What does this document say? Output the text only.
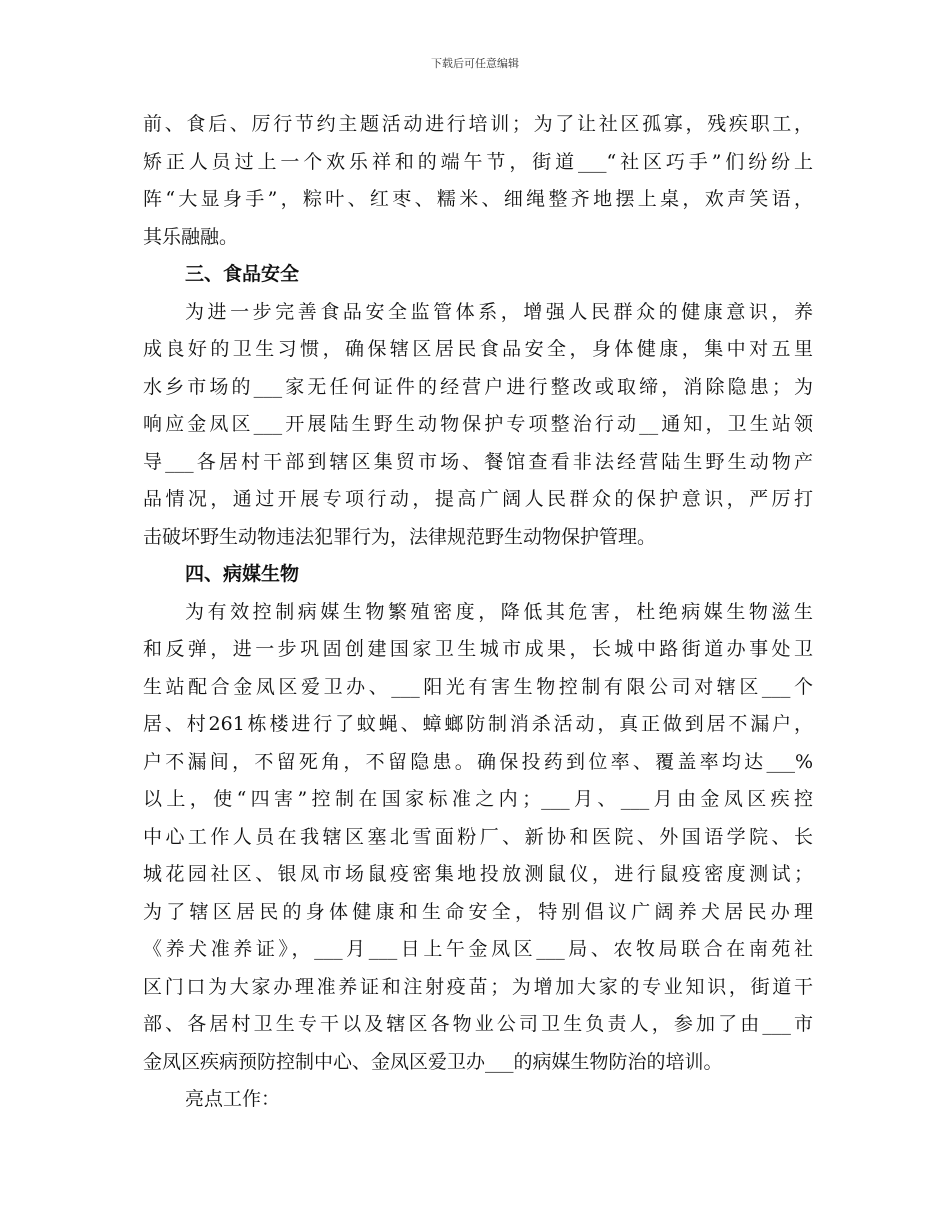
下载后可任意编辑
前、食后、厉行节约主题活动进行培训；为了让社区孤寡，残疾职工，
矫正人员过上一个欢乐祥和的端午节，街道___“社区巧手”们纷纷上
阵“大显身手”，粽叶、红枣、糯米、细绳整齐地摆上桌，欢声笑语，
其乐融融。
三、食品安全
为进一步完善食品安全监管体系，增强人民群众的健康意识，养
成良好的卫生习惯，确保辖区居民食品安全，身体健康，集中对五里
水乡市场的___家无任何证件的经营户进行整改或取缔，消除隐患；为
响应金凤区___开展陆生野生动物保护专项整治行动__通知，卫生站领
导___各居村干部到辖区集贸市场、餐馆查看非法经营陆生野生动物产
品情况，通过开展专项行动，提高广阔人民群众的保护意识，严厉打
击破坏野生动物违法犯罪行为，法律规范野生动物保护管理。
四、病媒生物
为有效控制病媒生物繁殖密度，降低其危害，杜绝病媒生物滋生
和反弹，进一步巩固创建国家卫生城市成果，长城中路街道办事处卫
生站配合金凤区爱卫办、___阳光有害生物控制有限公司对辖区___个
居、村261栋楼进行了蚊蝇、蟑螂防制消杀活动，真正做到居不漏户，
户不漏间，不留死角，不留隐患。确保投药到位率、覆盖率均达___%
以上，使“四害”控制在国家标准之内；___月、___月由金凤区疾控
中心工作人员在我辖区塞北雪面粉厂、新协和医院、外国语学院、长
城花园社区、银凤市场鼠疫密集地投放测鼠仪，进行鼠疫密度测试；
为了辖区居民的身体健康和生命安全，特别倡议广阔养犬居民办理
《养犬准养证》，___月___日上午金凤区___局、农牧局联合在南苑社
区门口为大家办理准养证和注射疫苗；为增加大家的专业知识，街道干
部、各居村卫生专干以及辖区各物业公司卫生负责人，参加了由___市
金凤区疾病预防控制中心、金凤区爱卫办___的病媒生物防治的培训。
亮点工作：
